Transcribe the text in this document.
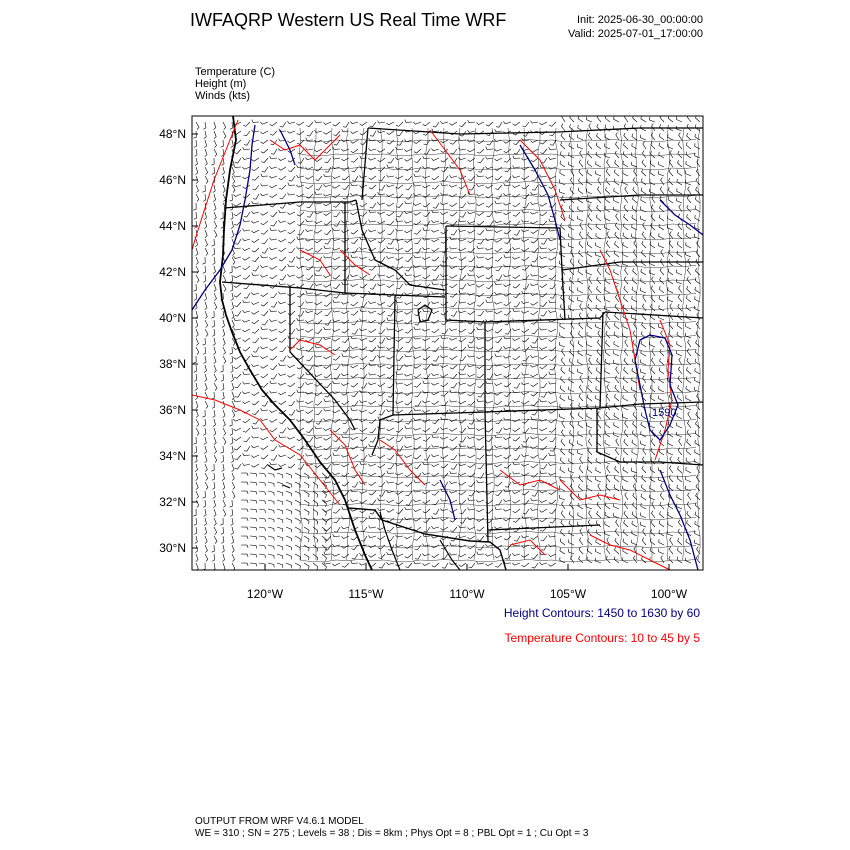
IWFAQRP Western US Real Time WRF	Init: 2025-06-30_00:00:00
Valid: 2025-07-01_17:00:00
Temperature (C)
Height (m)
Winds (kts)
1590
48°N
46°N
44°N
42°N
40°N
38°N
36°N
34°N
32°N
30°N
120°W	115°W	110°W	105°W	100°W
Height Contours: 1450 to 1630 by 60
Temperature Contours: 10 to 45 by 5
OUTPUT FROM WRF V4.6.1 MODEL
WE = 310 ; SN = 275 ; Levels = 38 ; Dis = 8km ; Phys Opt = 8 ; PBL Opt = 1 ; Cu Opt = 3
